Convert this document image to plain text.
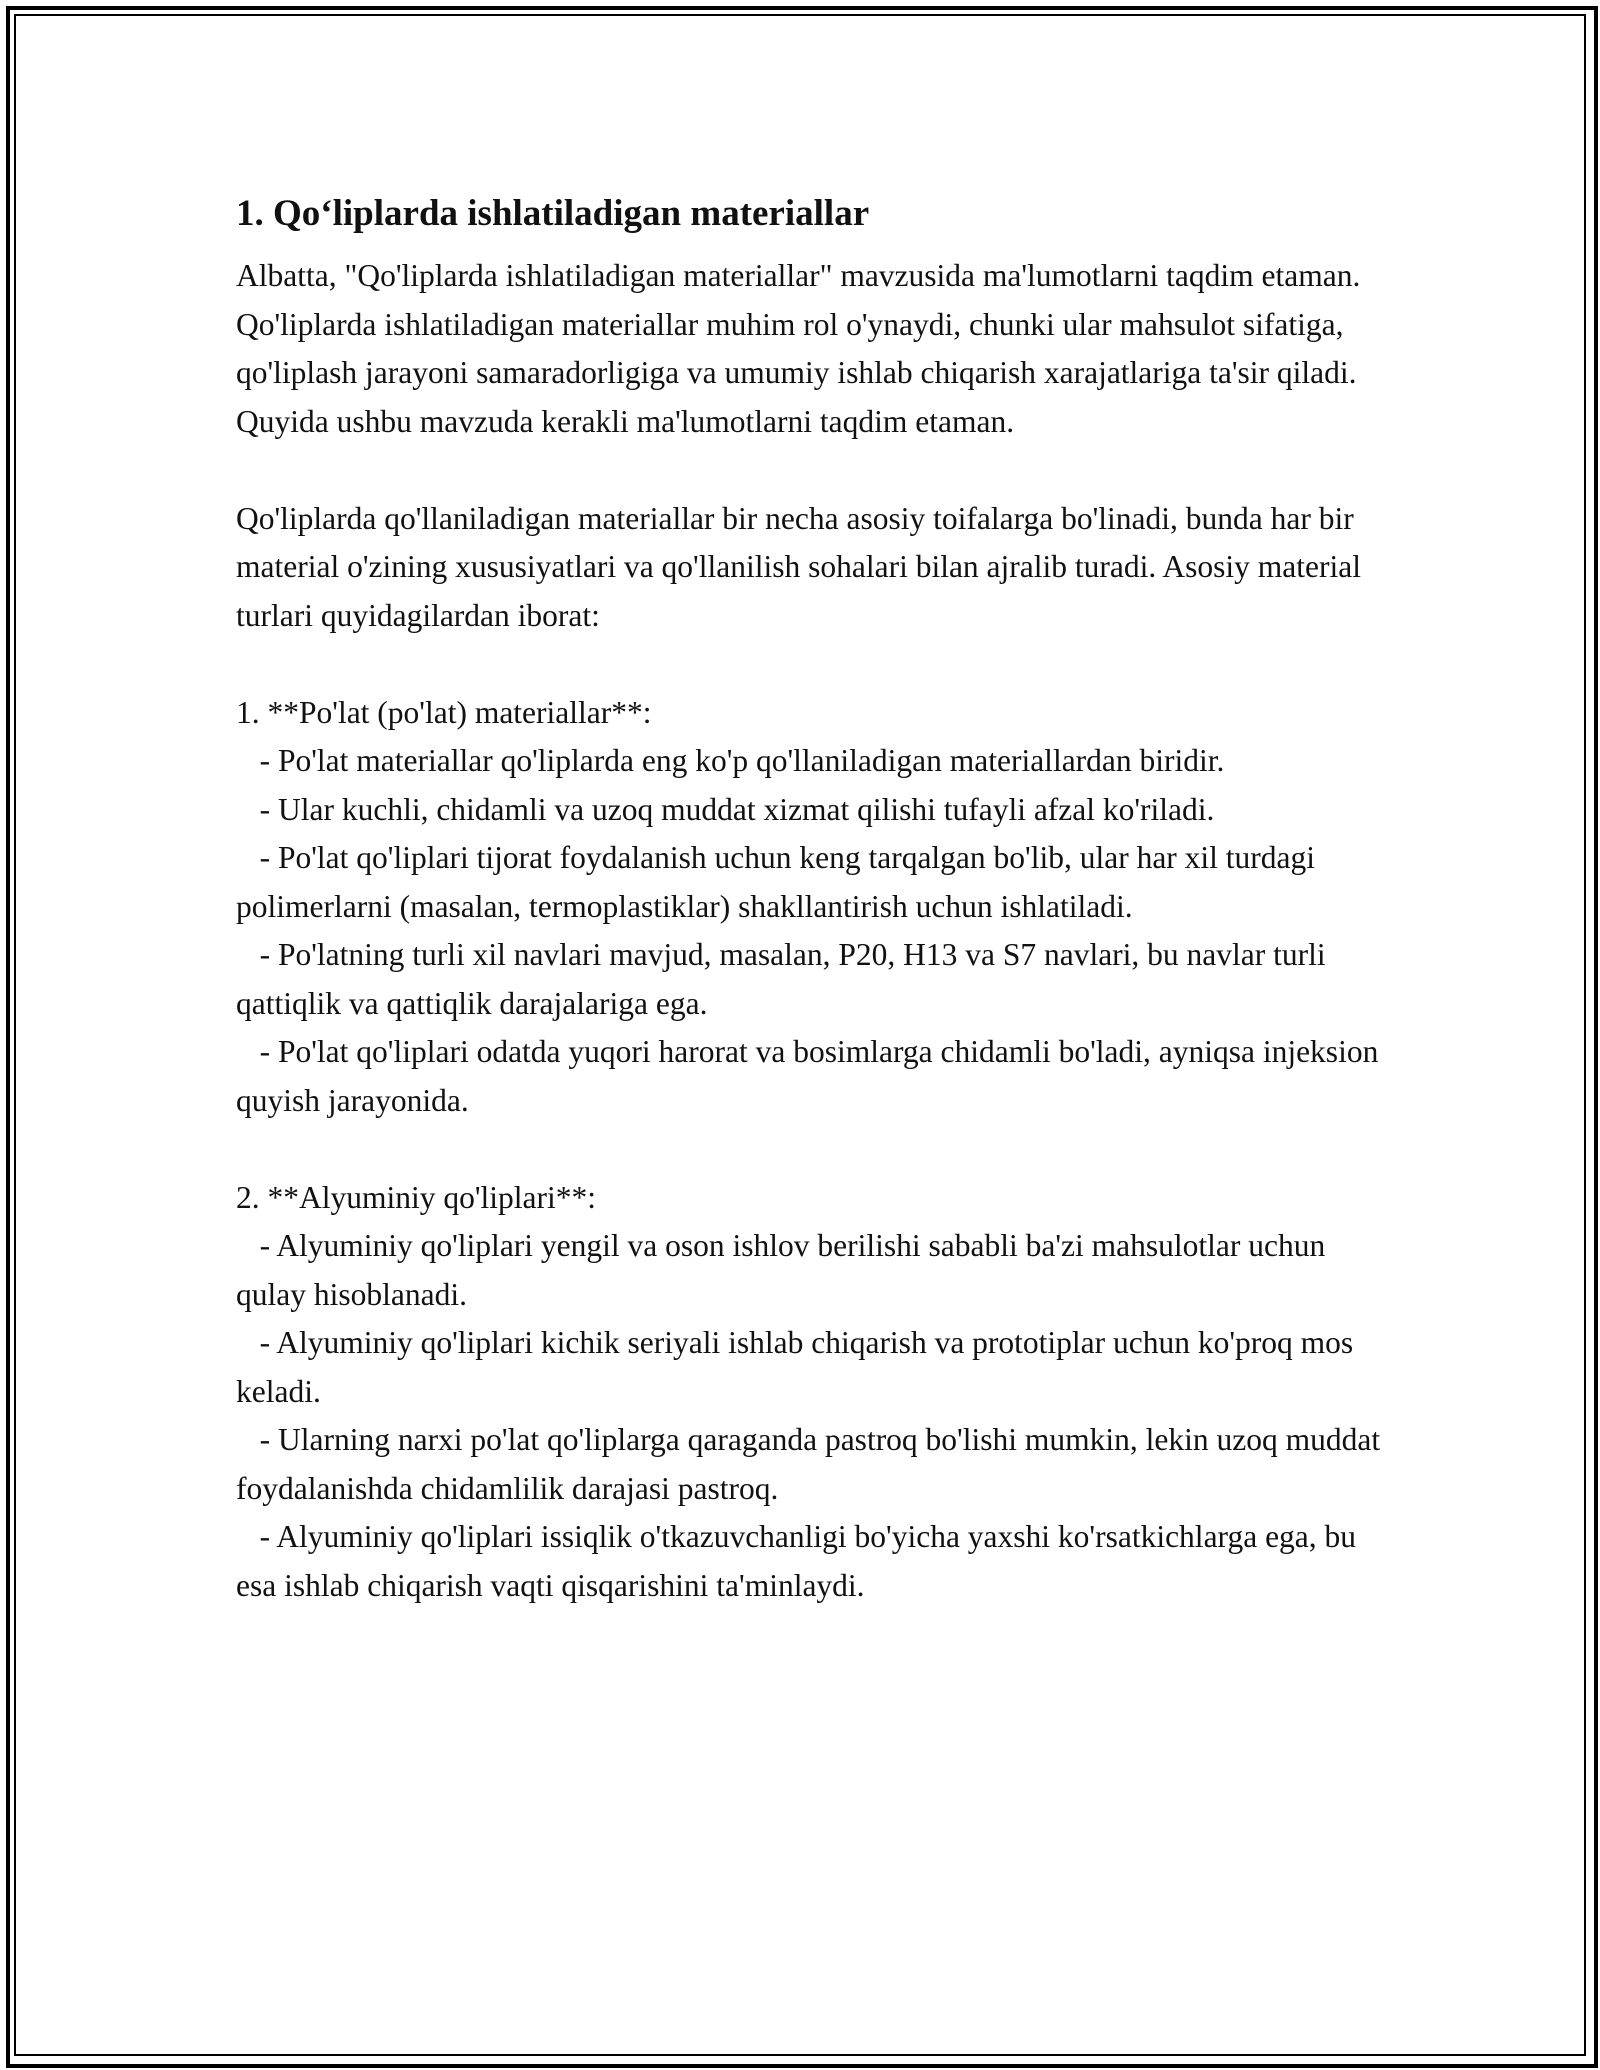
1. Qo‘liplarda ishlatiladigan materiallar

Albatta, "Qo'liplarda ishlatiladigan materiallar" mavzusida ma'lumotlarni taqdim etaman. Qo'liplarda ishlatiladigan materiallar muhim rol o'ynaydi, chunki ular mahsulot sifatiga, qo'liplash jarayoni samaradorligiga va umumiy ishlab chiqarish xarajatlariga ta'sir qiladi. Quyida ushbu mavzuda kerakli ma'lumotlarni taqdim etaman.

Qo'liplarda qo'llaniladigan materiallar bir necha asosiy toifalarga bo'linadi, bunda har bir material o'zining xususiyatlari va qo'llanilish sohalari bilan ajralib turadi. Asosiy material turlari quyidagilardan iborat:

1. **Po'lat (po'lat) materiallar**:

- Po'lat materiallar qo'liplarda eng ko'p qo'llaniladigan materiallardan biridir.

- Ular kuchli, chidamli va uzoq muddat xizmat qilishi tufayli afzal ko'riladi.

- Po'lat qo'liplari tijorat foydalanish uchun keng tarqalgan bo'lib, ular har xil turdagi polimerlarni (masalan, termoplastiklar) shakllantirish uchun ishlatiladi.

- Po'latning turli xil navlari mavjud, masalan, P20, H13 va S7 navlari, bu navlar turli qattiqlik va qattiqlik darajalariga ega.

- Po'lat qo'liplari odatda yuqori harorat va bosimlarga chidamli bo'ladi, ayniqsa injeksion quyish jarayonida.

2. **Alyuminiy qo'liplari**:

- Alyuminiy qo'liplari yengil va oson ishlov berilishi sababli ba'zi mahsulotlar uchun qulay hisoblanadi.

- Alyuminiy qo'liplari kichik seriyali ishlab chiqarish va prototiplar uchun ko'proq mos keladi.

- Ularning narxi po'lat qo'liplarga qaraganda pastroq bo'lishi mumkin, lekin uzoq muddat foydalanishda chidamlilik darajasi pastroq.

- Alyuminiy qo'liplari issiqlik o'tkazuvchanligi bo'yicha yaxshi ko'rsatkichlarga ega, bu esa ishlab chiqarish vaqti qisqarishini ta'minlaydi.
